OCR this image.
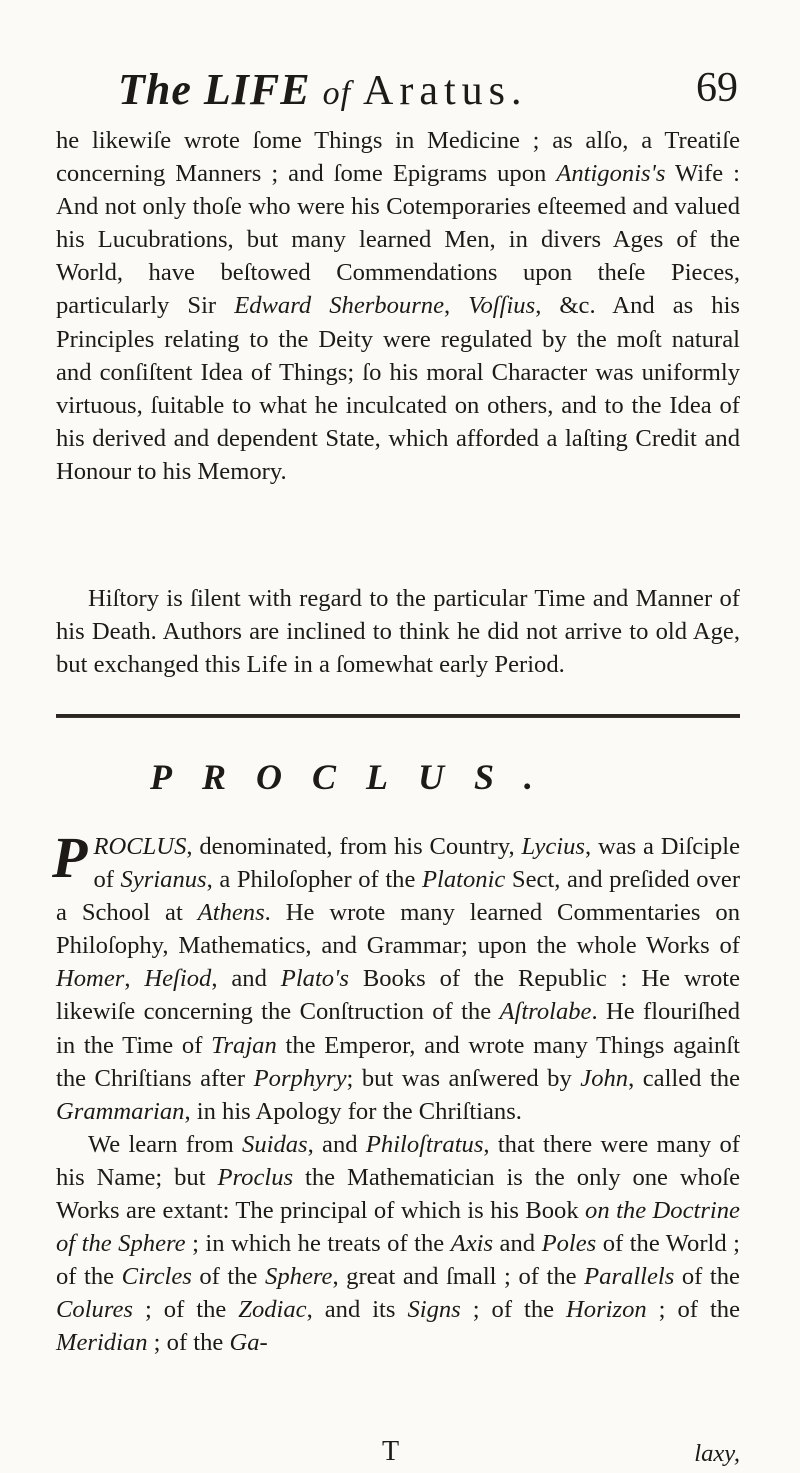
The LIFE of Aratus.	69

he likewiſe wrote ſome Things in Medicine ; as alſo, a Treatiſe concerning Manners ; and ſome Epigrams upon Antigonis's Wife : And not only thoſe who were his Cotemporaries eſteemed and valued his Lucubrations, but many learned Men, in divers Ages of the World, have beſtowed Commendations upon theſe Pieces, particularly Sir Edward Sherbourne, Voſſius, &c. And as his Principles relating to the Deity were regulated by the moſt natural and conſiſtent Idea of Things; ſo his moral Character was uniformly virtuous, ſuitable to what he inculcated on others, and to the Idea of his derived and dependent State, which afforded a laſting Credit and Honour to his Memory.

Hiſtory is ſilent with regard to the particular Time and Manner of his Death. Authors are inclined to think he did not arrive to old Age, but exchanged this Life in a ſomewhat early Period.

PROCLUS.

PROCLUS, denominated, from his Country, Lycius, was a Diſciple of Syrianus, a Philoſopher of the Platonic Sect, and preſided over a School at Athens. He wrote many learned Commentaries on Philoſophy, Mathematics, and Grammar; upon the whole Works of Homer, Heſiod, and Plato's Books of the Republic : He wrote likewiſe concerning the Conſtruction of the Aſtrolabe. He flouriſhed in the Time of Trajan the Emperor, and wrote many Things againſt the Chriſtians after Porphyry; but was anſwered by John, called the Grammarian, in his Apology for the Chriſtians.

We learn from Suidas, and Philoſtratus, that there were many of his Name; but Proclus the Mathematician is the only one whoſe Works are extant: The principal of which is his Book on the Doctrine of the Sphere ; in which he treats of the Axis and Poles of the World ; of the Circles of the Sphere, great and ſmall ; of the Parallels of the Colures ; of the Zodiac, and its Signs ; of the Horizon ; of the Meridian ; of the Ga-

T	laxy,
